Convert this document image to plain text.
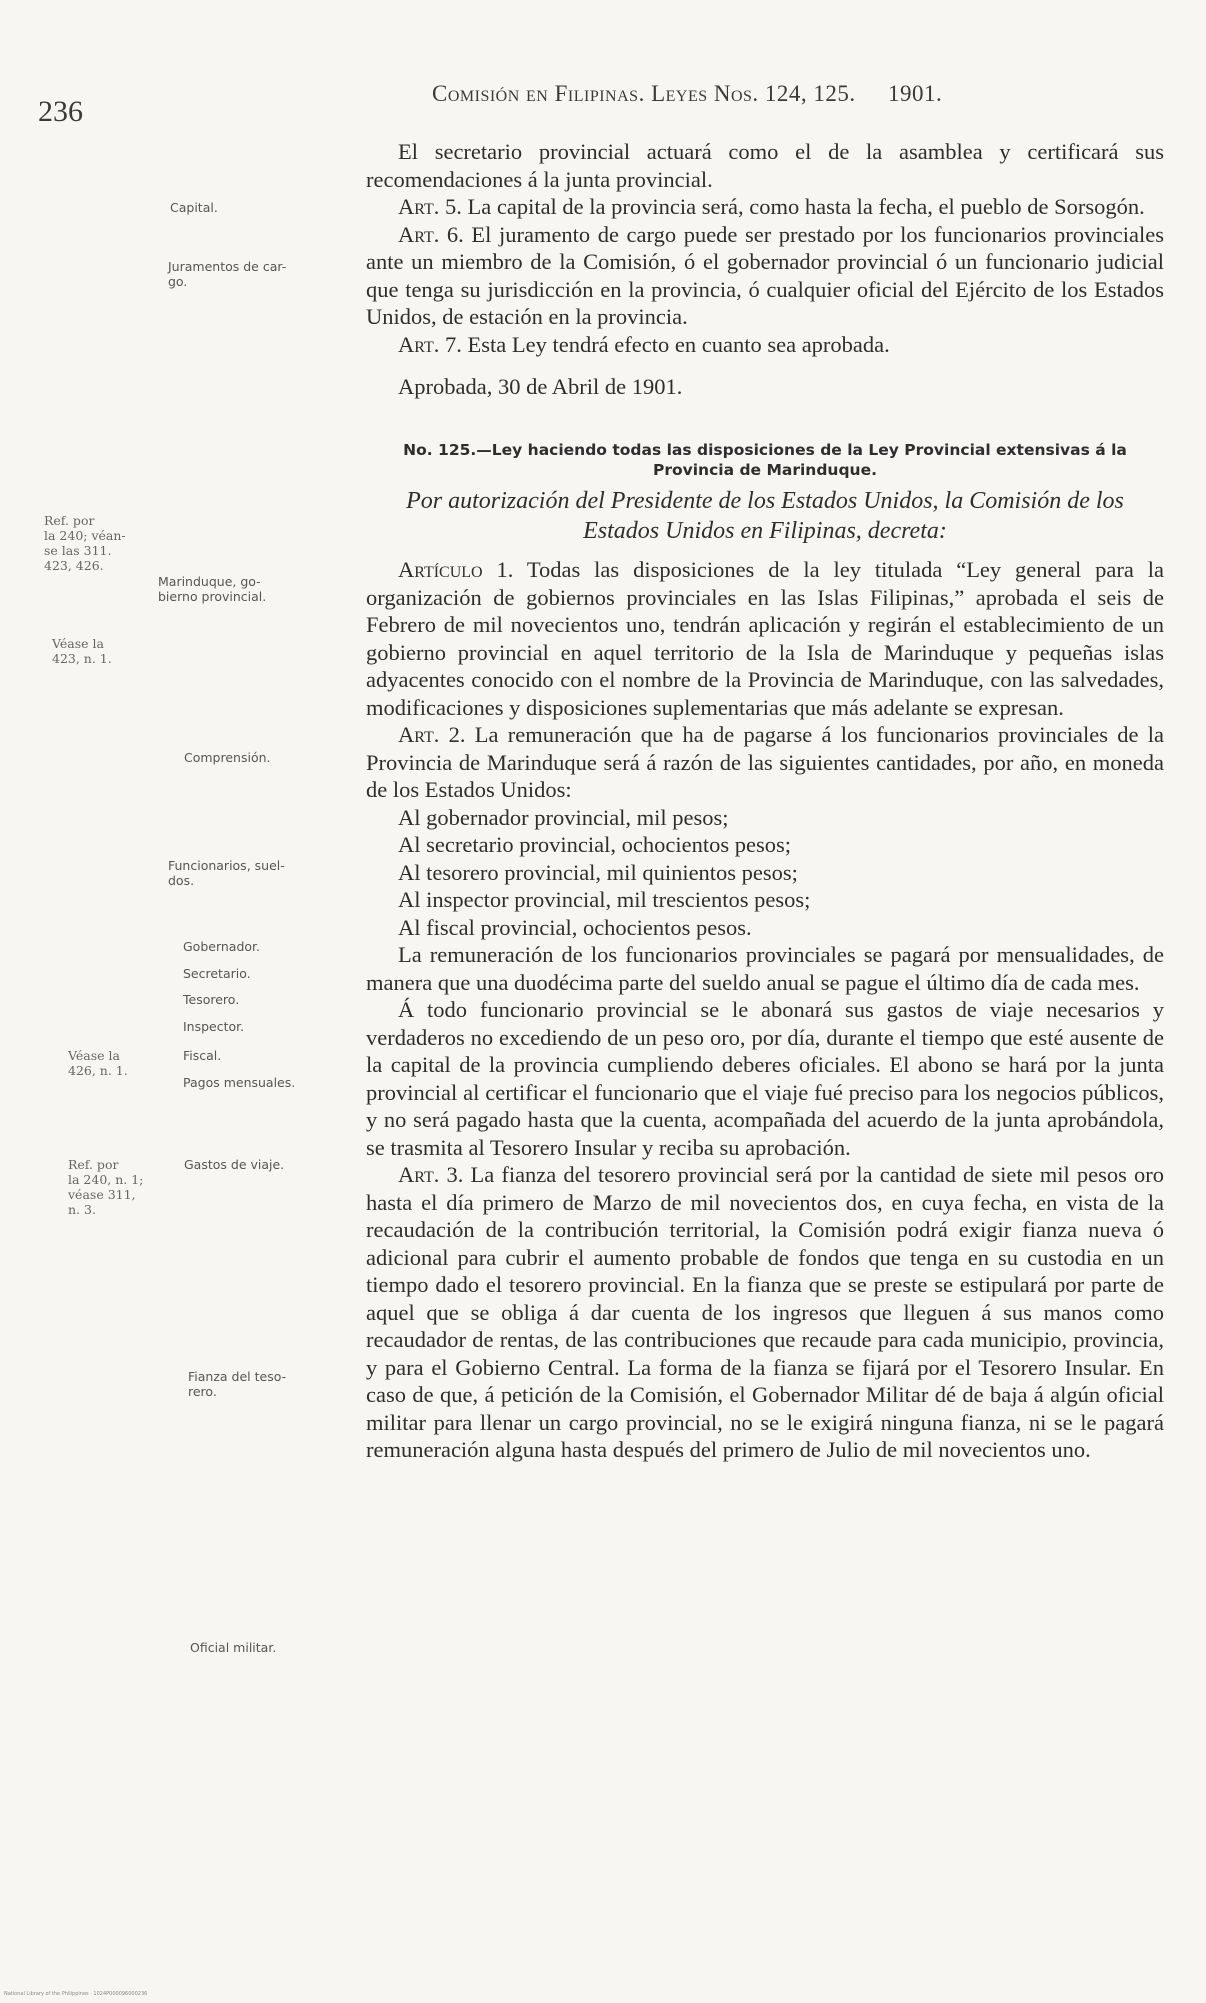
236
Comisión en Filipinas. Leyes Nos. 124, 125. 1901.
Capital.
Juramentos de car-
go.
Ref. por
la 240; véan-
se las 311.
423, 426.
Marinduque, go-
bierno provincial.
Véase la
423, n. 1.
Comprensión.
Funcionarios, suel-
dos.
Gobernador.
Secretario.
Tesorero.
Inspector.
Véase la
426, n. 1.
Fiscal.
Pagos mensuales.
Ref. por
la 240, n. 1;
véase 311,
n. 3.
Gastos de viaje.
Fianza del teso-
rero.
Oficial militar.

El secretario provincial actuará como el de la asamblea y certificará sus recomendaciones á la junta provincial.

Art. 5. La capital de la provincia será, como hasta la fecha, el pueblo de Sorsogón.

Art. 6. El juramento de cargo puede ser prestado por los funcionarios provinciales ante un miembro de la Comisión, ó el gobernador provincial ó un funcionario judicial que tenga su jurisdicción en la provincia, ó cualquier oficial del Ejército de los Estados Unidos, de estación en la provincia.

Art. 7. Esta Ley tendrá efecto en cuanto sea aprobada.

Aprobada, 30 de Abril de 1901.

No. 125.—Ley haciendo todas las disposiciones de la Ley Provincial extensivas á la Provincia de Marinduque.

Por autorización del Presidente de los Estados Unidos, la Comisión de los Estados Unidos en Filipinas, decreta:

Artículo 1. Todas las disposiciones de la ley titulada “Ley general para la organización de gobiernos provinciales en las Islas Filipinas,” aprobada el seis de Febrero de mil novecientos uno, tendrán aplicación y regirán el establecimiento de un gobierno provincial en aquel territorio de la Isla de Marinduque y pequeñas islas adyacentes conocido con el nombre de la Provincia de Marinduque, con las salvedades, modificaciones y disposiciones suplementarias que más adelante se expresan.

Art. 2. La remuneración que ha de pagarse á los funcionarios provinciales de la Provincia de Marinduque será á razón de las siguientes cantidades, por año, en moneda de los Estados Unidos:

Al gobernador provincial, mil pesos;

Al secretario provincial, ochocientos pesos;

Al tesorero provincial, mil quinientos pesos;

Al inspector provincial, mil trescientos pesos;

Al fiscal provincial, ochocientos pesos.

La remuneración de los funcionarios provinciales se pagará por mensualidades, de manera que una duodécima parte del sueldo anual se pague el último día de cada mes.

Á todo funcionario provincial se le abonará sus gastos de viaje necesarios y verdaderos no excediendo de un peso oro, por día, durante el tiempo que esté ausente de la capital de la provincia cumpliendo deberes oficiales. El abono se hará por la junta provincial al certificar el funcionario que el viaje fué preciso para los negocios públicos, y no será pagado hasta que la cuenta, acompañada del acuerdo de la junta aprobándola, se trasmita al Tesorero Insular y reciba su aprobación.

Art. 3. La fianza del tesorero provincial será por la cantidad de siete mil pesos oro hasta el día primero de Marzo de mil novecientos dos, en cuya fecha, en vista de la recaudación de la contribución territorial, la Comisión podrá exigir fianza nueva ó adicional para cubrir el aumento probable de fondos que tenga en su custodia en un tiempo dado el tesorero provincial. En la fianza que se preste se estipulará por parte de aquel que se obliga á dar cuenta de los ingresos que lleguen á sus manos como recaudador de rentas, de las contribuciones que recaude para cada municipio, provincia, y para el Gobierno Central. La forma de la fianza se fijará por el Tesorero Insular. En caso de que, á petición de la Comisión, el Gobernador Militar dé de baja á algún oficial militar para llenar un cargo provincial, no se le exigirá ninguna fianza, ni se le pagará remuneración alguna hasta después del primero de Julio de mil novecientos uno.

National Library of the Philippines · 1024P000096000236
